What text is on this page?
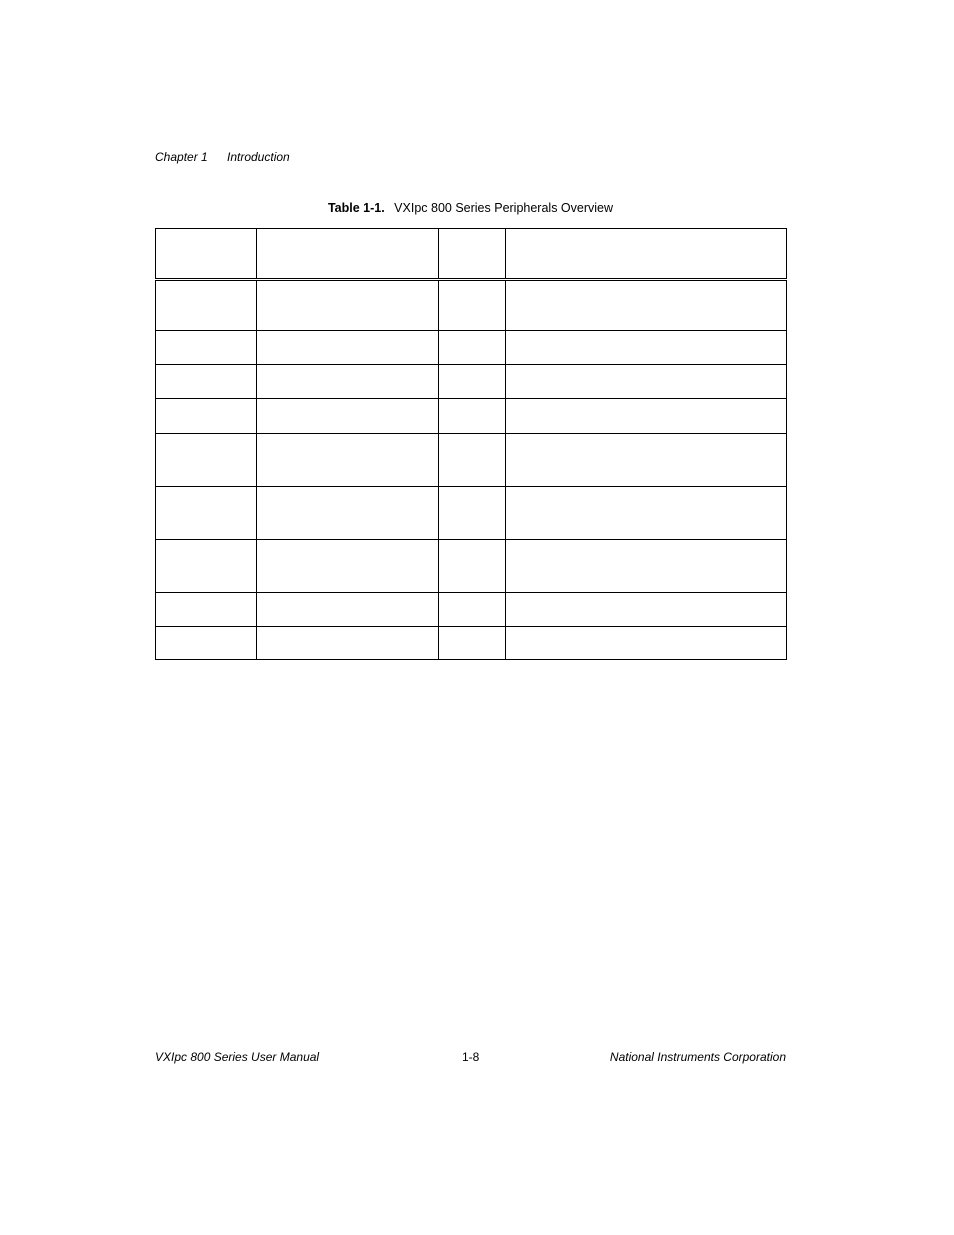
Chapter 1 Introduction
Table 1-1. VXIpc 800 Series Peripherals Overview

VXIpc 800 Series User Manual	1-8	National Instruments Corporation
